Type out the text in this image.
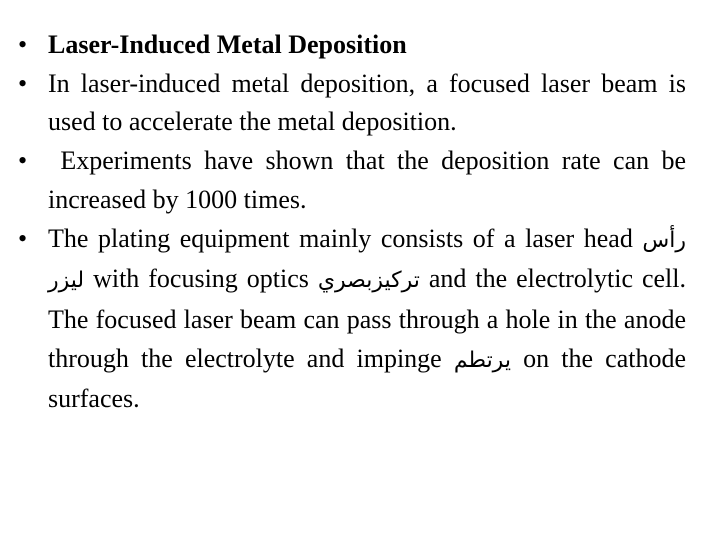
• Laser-Induced Metal Deposition
• In laser-induced metal deposition, a focused laser beam is used to accelerate the metal deposition.
• Experiments have shown that the deposition rate can be increased by 1000 times.
• The plating equipment mainly consists of a laser head رأس ليزر with focusing optics تركيزبصري and the electrolytic cell. The focused laser beam can pass through a hole in the anode through the electrolyte and impinge يرتطم on the cathode surfaces.
